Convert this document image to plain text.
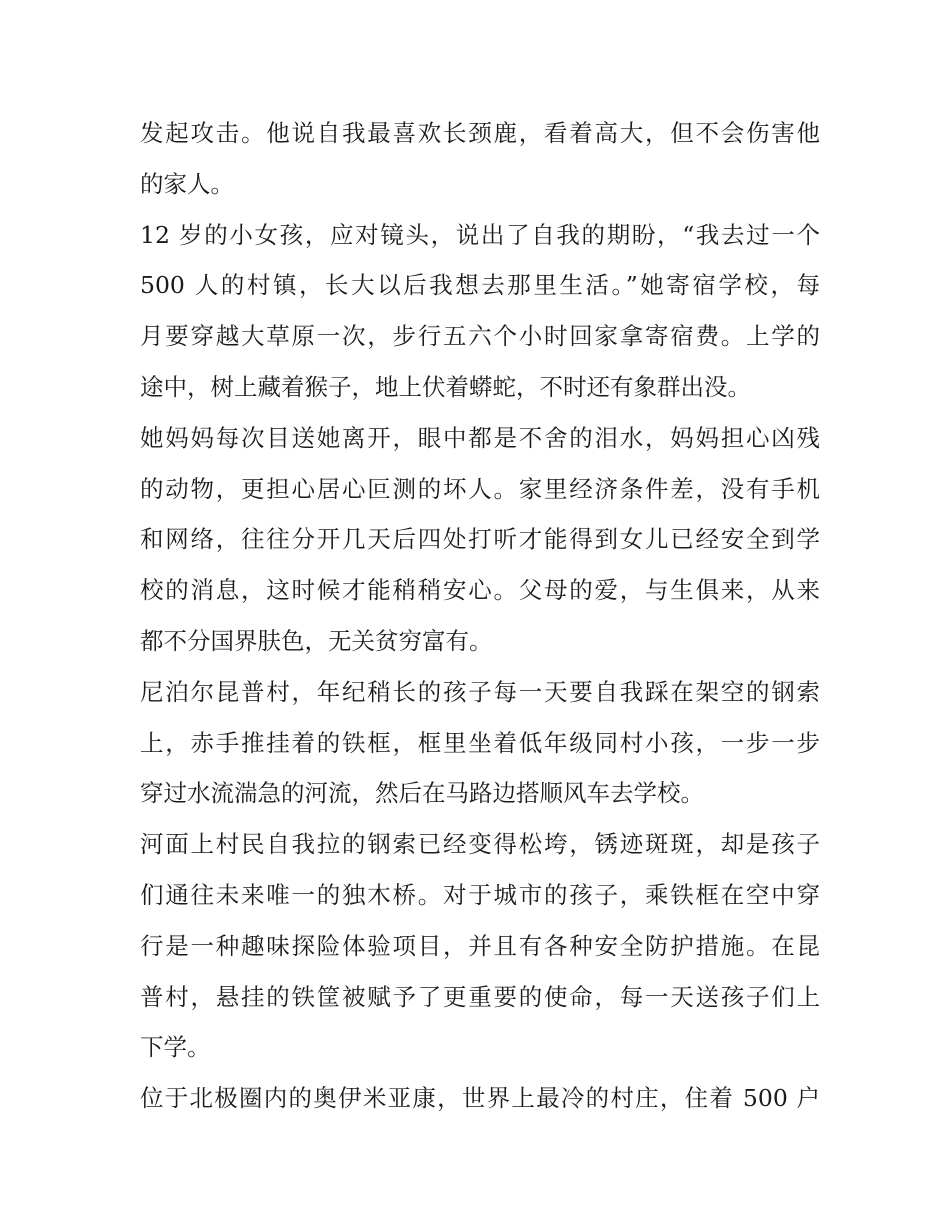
发起攻击。他说自我最喜欢长颈鹿，看着高大，但不会伤害他
的家人。
12 岁的小女孩，应对镜头，说出了自我的期盼，“我去过一个
500 人的村镇，长大以后我想去那里生活。”她寄宿学校，每
月要穿越大草原一次，步行五六个小时回家拿寄宿费。上学的
途中，树上藏着猴子，地上伏着蟒蛇，不时还有象群出没。
她妈妈每次目送她离开，眼中都是不舍的泪水，妈妈担心凶残
的动物，更担心居心叵测的坏人。家里经济条件差，没有手机
和网络，往往分开几天后四处打听才能得到女儿已经安全到学
校的消息，这时候才能稍稍安心。父母的爱，与生俱来，从来
都不分国界肤色，无关贫穷富有。
尼泊尔昆普村，年纪稍长的孩子每一天要自我踩在架空的钢索
上，赤手推挂着的铁框，框里坐着低年级同村小孩，一步一步
穿过水流湍急的河流，然后在马路边搭顺风车去学校。
河面上村民自我拉的钢索已经变得松垮，锈迹斑斑，却是孩子
们通往未来唯一的独木桥。对于城市的孩子，乘铁框在空中穿
行是一种趣味探险体验项目，并且有各种安全防护措施。在昆
普村，悬挂的铁筐被赋予了更重要的使命，每一天送孩子们上
下学。
位于北极圈内的奥伊米亚康，世界上最冷的村庄，住着 500 户
